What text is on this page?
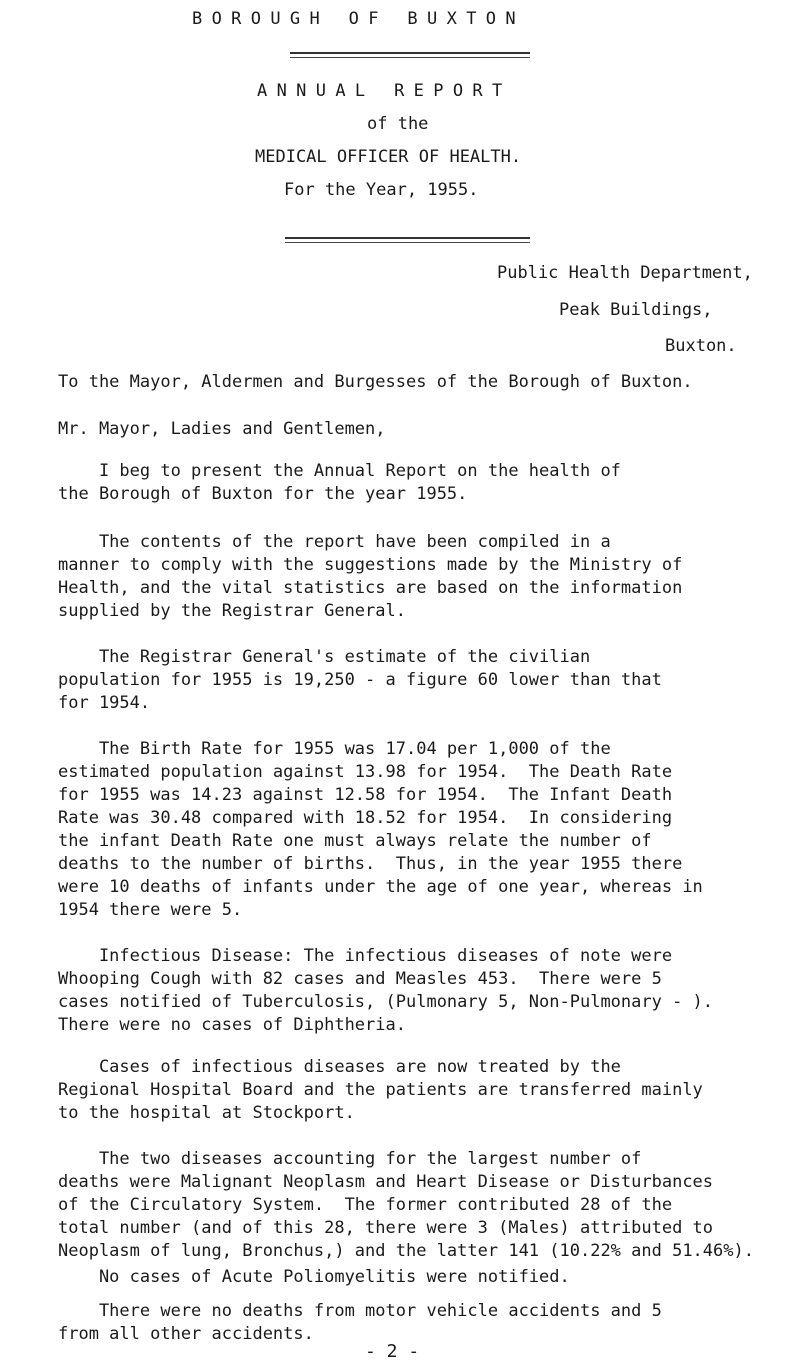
BOROUGH OF BUXTON
ANNUAL REPORT
of the
MEDICAL OFFICER OF HEALTH.
For the Year, 1955.
Public Health Department,
Peak Buildings,
Buxton.
To the Mayor, Aldermen and Burgesses of the Borough of Buxton.
Mr. Mayor, Ladies and Gentlemen,
I beg to present the Annual Report on the health of
the Borough of Buxton for the year 1955.
The contents of the report have been compiled in a
manner to comply with the suggestions made by the Ministry of
Health, and the vital statistics are based on the information
supplied by the Registrar General.
The Registrar General's estimate of the civilian
population for 1955 is 19,250 - a figure 60 lower than that
for 1954.
The Birth Rate for 1955 was 17.04 per 1,000 of the
estimated population against 13.98 for 1954.  The Death Rate
for 1955 was 14.23 against 12.58 for 1954.  The Infant Death
Rate was 30.48 compared with 18.52 for 1954.  In considering
the infant Death Rate one must always relate the number of
deaths to the number of births.  Thus, in the year 1955 there
were 10 deaths of infants under the age of one year, whereas in
1954 there were 5.
Infectious Disease: The infectious diseases of note were
Whooping Cough with 82 cases and Measles 453.  There were 5
cases notified of Tuberculosis, (Pulmonary 5, Non-Pulmonary - ).
There were no cases of Diphtheria.
Cases of infectious diseases are now treated by the
Regional Hospital Board and the patients are transferred mainly
to the hospital at Stockport.
The two diseases accounting for the largest number of
deaths were Malignant Neoplasm and Heart Disease or Disturbances
of the Circulatory System.  The former contributed 28 of the
total number (and of this 28, there were 3 (Males) attributed to
Neoplasm of lung, Bronchus,) and the latter 141 (10.22% and 51.46%).
No cases of Acute Poliomyelitis were notified.
There were no deaths from motor vehicle accidents and 5
from all other accidents.
- 2 -
